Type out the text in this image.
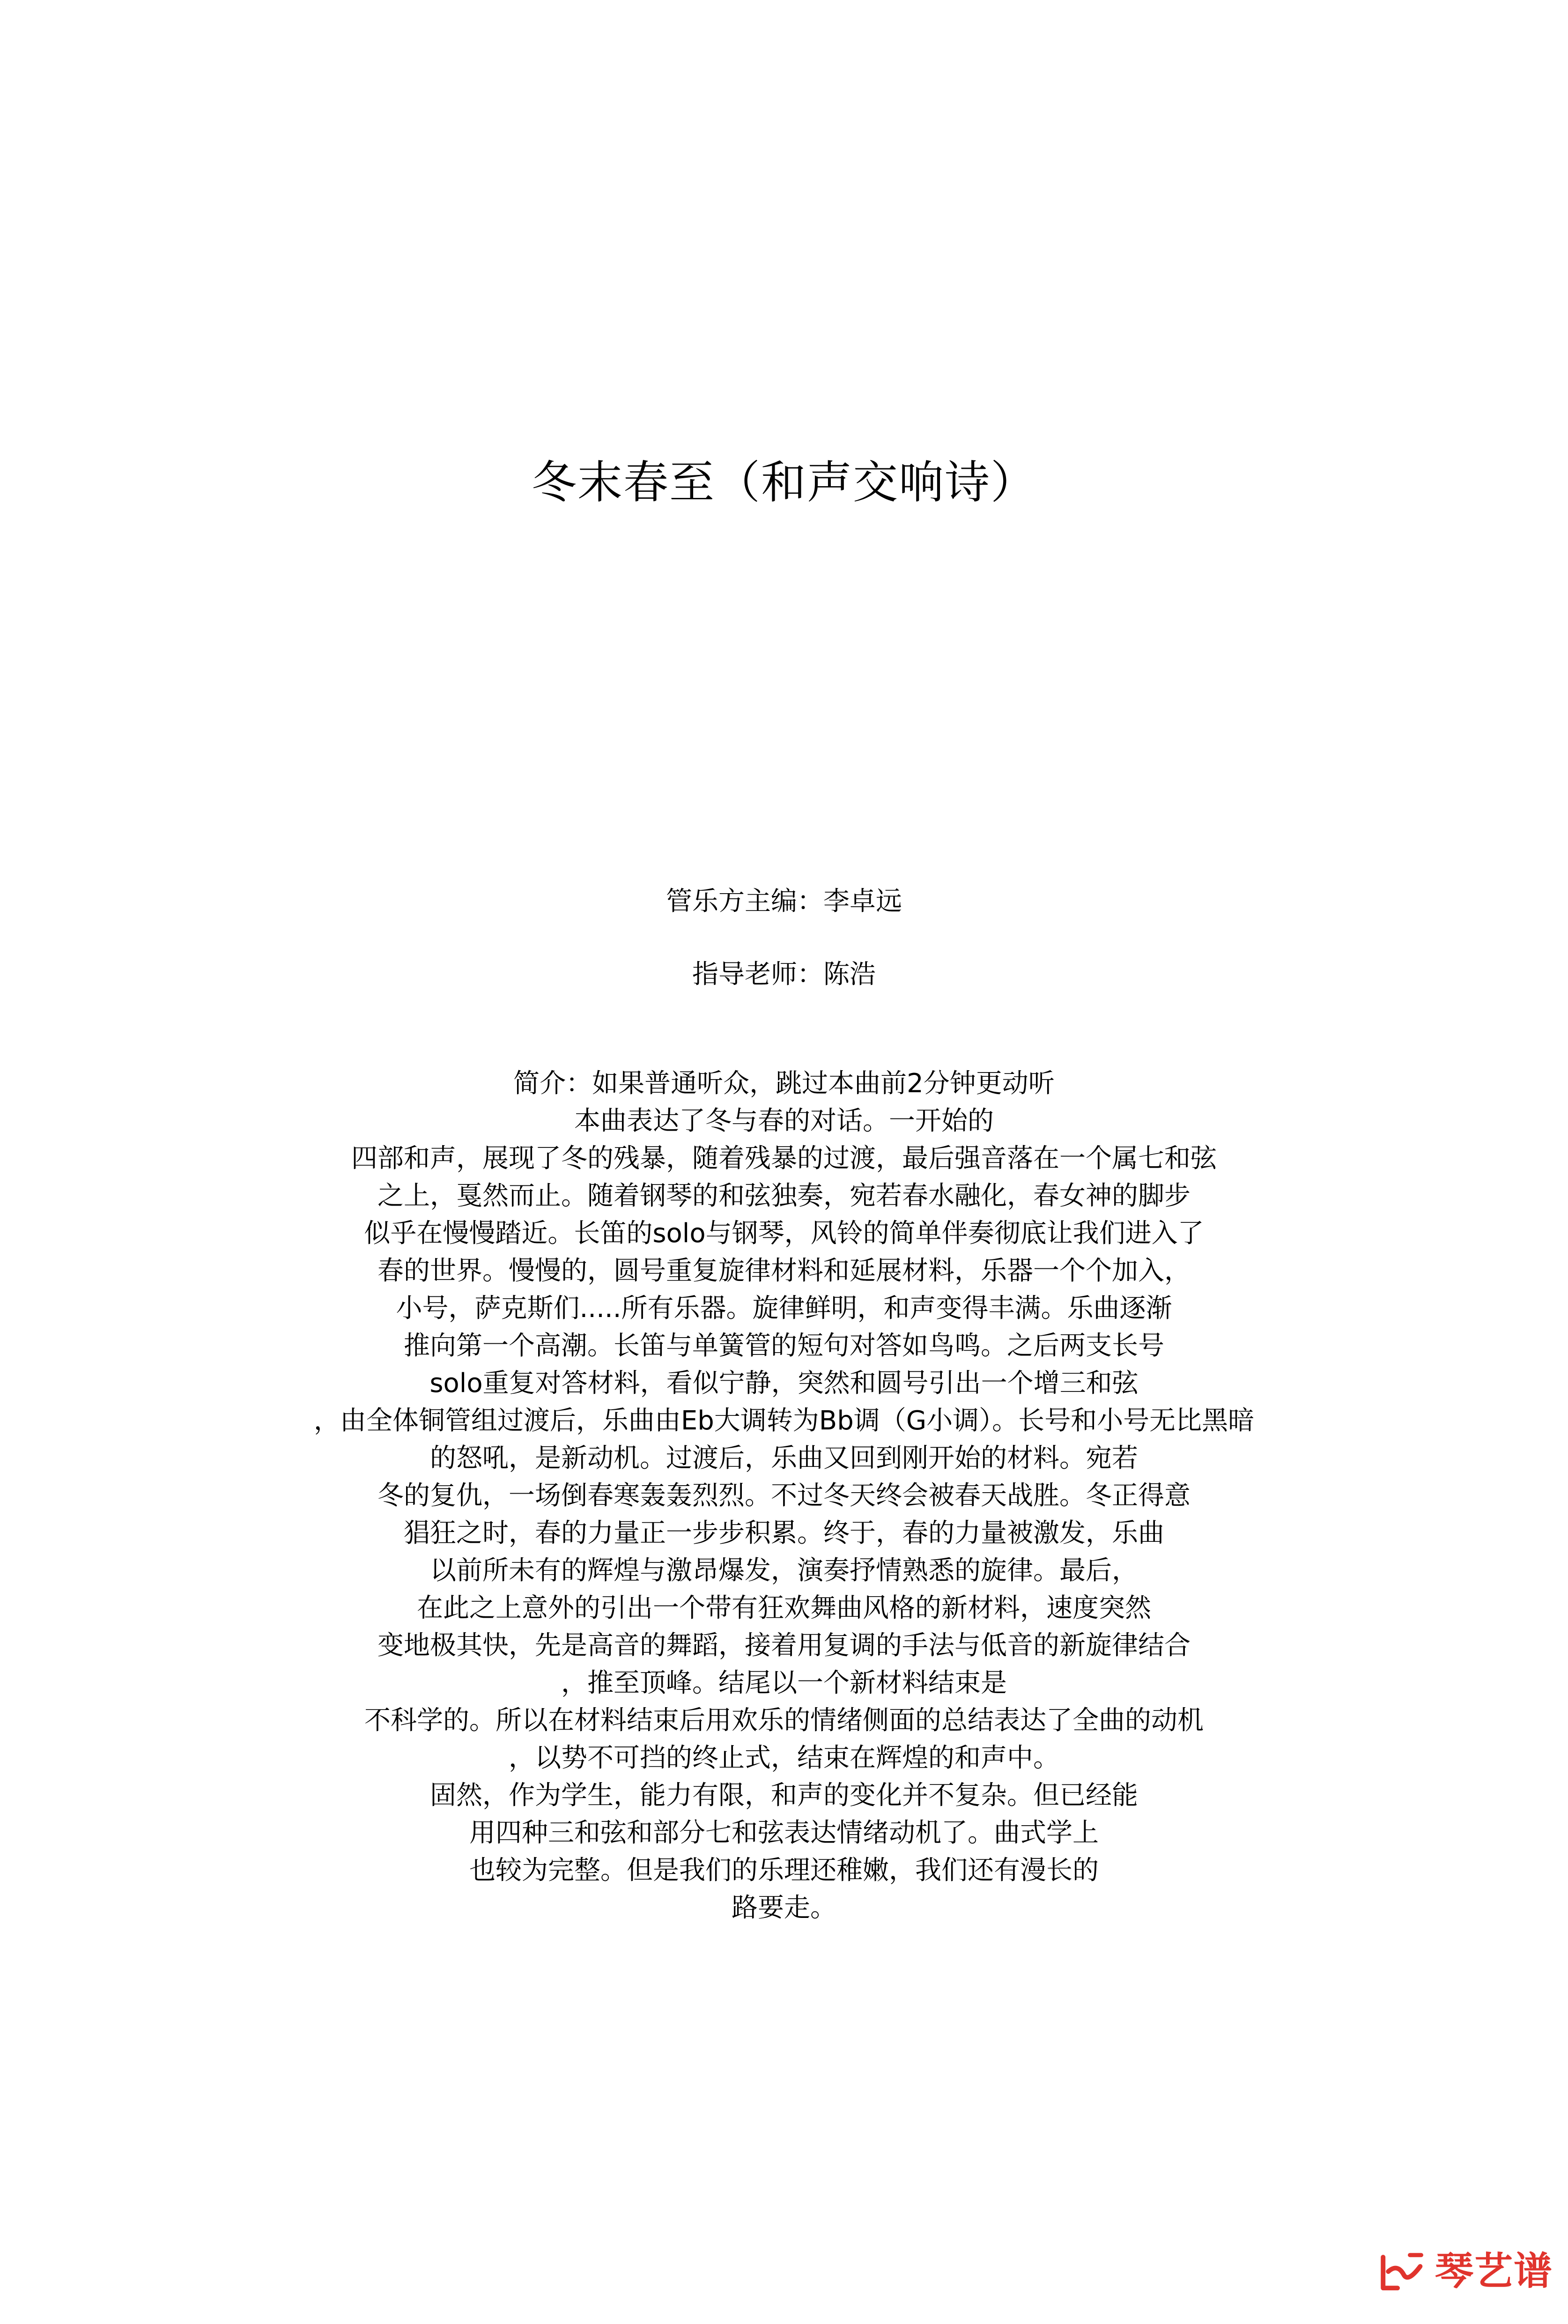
冬末春至（和声交响诗）
管乐方主编：李卓远
指导老师：陈浩
简介：如果普通听众，跳过本曲前2分钟更动听
本曲表达了冬与春的对话。一开始的
四部和声，展现了冬的残暴，随着残暴的过渡，最后强音落在一个属七和弦
之上，戛然而止。随着钢琴的和弦独奏，宛若春水融化，春女神的脚步
似乎在慢慢踏近。长笛的solo与钢琴，风铃的简单伴奏彻底让我们进入了
春的世界。慢慢的，圆号重复旋律材料和延展材料，乐器一个个加入，
小号，萨克斯们.....所有乐器。旋律鲜明，和声变得丰满。乐曲逐渐
推向第一个高潮。长笛与单簧管的短句对答如鸟鸣。之后两支长号
solo重复对答材料，看似宁静，突然和圆号引出一个增三和弦
，由全体铜管组过渡后，乐曲由Eb大调转为Bb调（G小调）。长号和小号无比黑暗
的怒吼，是新动机。过渡后，乐曲又回到刚开始的材料。宛若
冬的复仇，一场倒春寒轰轰烈烈。不过冬天终会被春天战胜。冬正得意
猖狂之时，春的力量正一步步积累。终于，春的力量被激发，乐曲
以前所未有的辉煌与激昂爆发，演奏抒情熟悉的旋律。最后，
在此之上意外的引出一个带有狂欢舞曲风格的新材料，速度突然
变地极其快，先是高音的舞蹈，接着用复调的手法与低音的新旋律结合
，推至顶峰。结尾以一个新材料结束是
不科学的。所以在材料结束后用欢乐的情绪侧面的总结表达了全曲的动机
，以势不可挡的终止式，结束在辉煌的和声中。
固然，作为学生，能力有限，和声的变化并不复杂。但已经能
用四种三和弦和部分七和弦表达情绪动机了。曲式学上
也较为完整。但是我们的乐理还稚嫩，我们还有漫长的
路要走。
琴艺谱
